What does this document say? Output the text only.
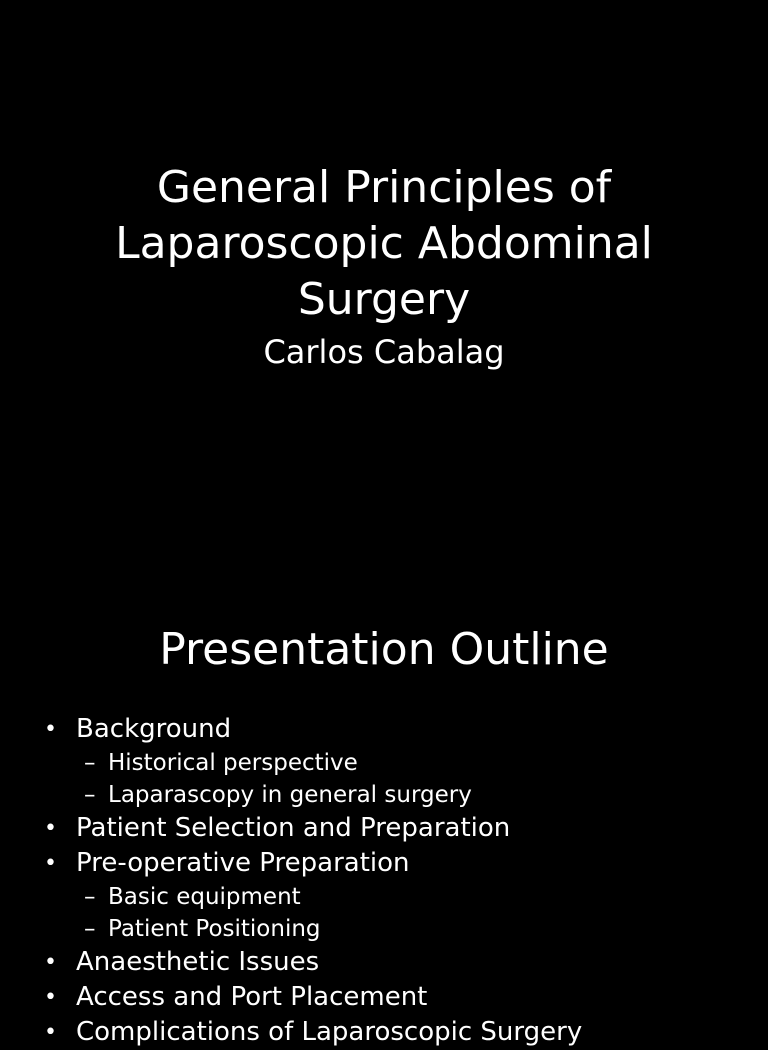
General Principles of
Laparoscopic Abdominal
Surgery
Carlos Cabalag
Presentation Outline
• Background
– Historical perspective
– Laparascopy in general surgery
• Patient Selection and Preparation
• Pre-operative Preparation
– Basic equipment
– Patient Positioning
• Anaesthetic Issues
• Access and Port Placement
• Complications of Laparoscopic Surgery
